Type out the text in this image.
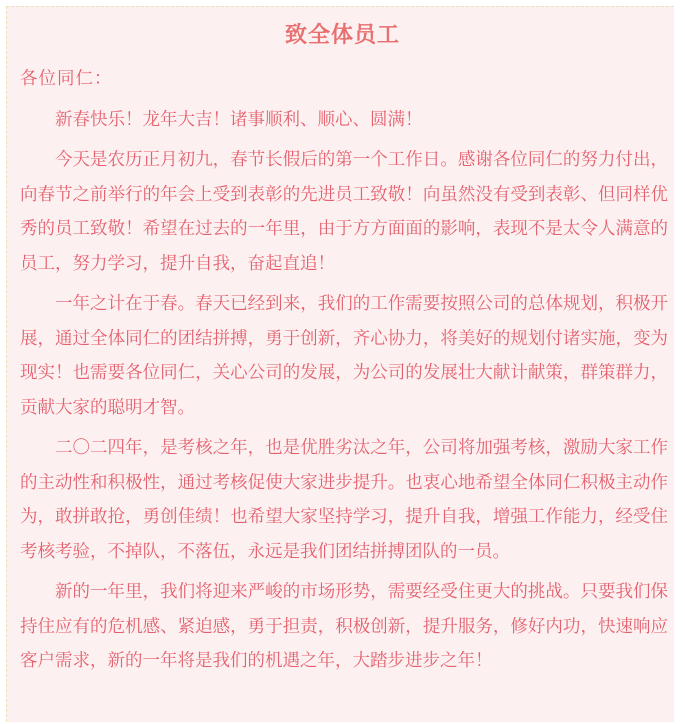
致全体员工

各位同仁：

新春快乐！龙年大吉！诸事顺利、顺心、圆满！

今天是农历正月初九，春节长假后的第一个工作日。感谢各位同仁的努力付出，向春节之前举行的年会上受到表彰的先进员工致敬！向虽然没有受到表彰、但同样优秀的员工致敬！希望在过去的一年里，由于方方面面的影响，表现不是太令人满意的员工，努力学习，提升自我，奋起直追！

一年之计在于春。春天已经到来，我们的工作需要按照公司的总体规划，积极开展，通过全体同仁的团结拼搏，勇于创新，齐心协力，将美好的规划付诸实施，变为现实！也需要各位同仁，关心公司的发展，为公司的发展壮大献计献策，群策群力，贡献大家的聪明才智。

二〇二四年，是考核之年，也是优胜劣汰之年，公司将加强考核，激励大家工作的主动性和积极性，通过考核促使大家进步提升。也衷心地希望全体同仁积极主动作为，敢拼敢抢，勇创佳绩！也希望大家坚持学习，提升自我，增强工作能力，经受住考核考验，不掉队，不落伍，永远是我们团结拼搏团队的一员。

新的一年里，我们将迎来严峻的市场形势，需要经受住更大的挑战。只要我们保持住应有的危机感、紧迫感，勇于担责，积极创新，提升服务，修好内功，快速响应客户需求，新的一年将是我们的机遇之年，大踏步进步之年！
